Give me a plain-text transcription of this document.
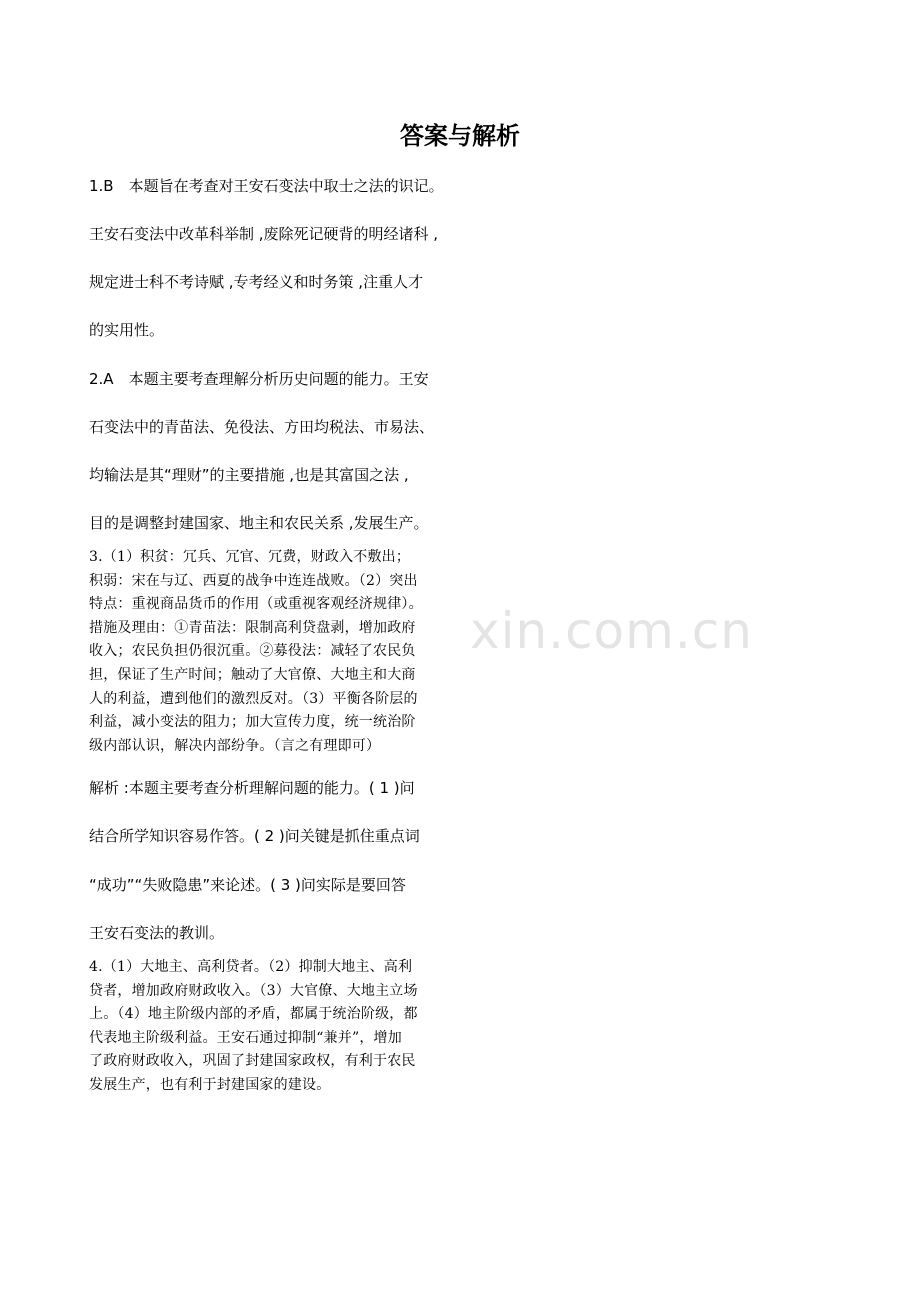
xin.com.cn
答案与解析

1.B　本题旨在考查对王安石变法中取士之法的识记。

王安石变法中改革科举制 ,废除死记硬背的明经诸科 ,

规定进士科不考诗赋 ,专考经义和时务策 ,注重人才

的实用性。

2.A　本题主要考查理解分析历史问题的能力。王安

石变法中的青苗法、免役法、方田均税法、市易法、

均输法是其“理财”的主要措施 ,也是其富国之法 ,

目的是调整封建国家、地主和农民关系 ,发展生产。

3.（1）积贫：冗兵、冗官、冗费，财政入不敷出；
积弱：宋在与辽、西夏的战争中连连战败。（2）突出
特点：重视商品货币的作用（或重视客观经济规律）。
措施及理由：①青苗法：限制高利贷盘剥，增加政府
收入；农民负担仍很沉重。②募役法：减轻了农民负
担，保证了生产时间；触动了大官僚、大地主和大商
人的利益，遭到他们的激烈反对。（3）平衡各阶层的
利益，减小变法的阻力；加大宣传力度，统一统治阶
级内部认识，解决内部纷争。（言之有理即可）

解析 :本题主要考查分析理解问题的能力。( 1 )问

结合所学知识容易作答。( 2 )问关键是抓住重点词

“成功”“失败隐患”来论述。( 3 )问实际是要回答

王安石变法的教训。

4.（1）大地主、高利贷者。（2）抑制大地主、高利
贷者，增加政府财政收入。（3）大官僚、大地主立场
上。（4）地主阶级内部的矛盾，都属于统治阶级，都
代表地主阶级利益。王安石通过抑制“兼并”，增加
了政府财政收入，巩固了封建国家政权，有利于农民
发展生产，也有利于封建国家的建设。
